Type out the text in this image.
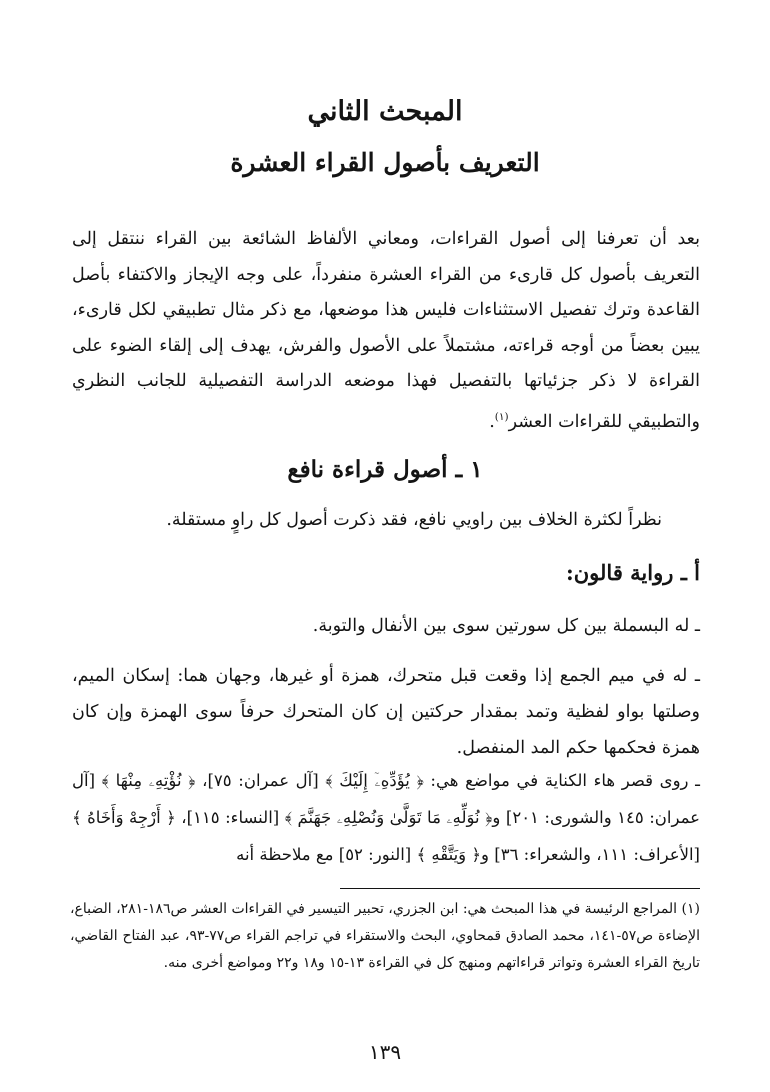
المبحث الثاني
التعريف بأصول القراء العشرة

بعد أن تعرفنا إلى أصول القراءات، ومعاني الألفاظ الشائعة بين القراء ننتقل إلى التعريف بأصول كل قارىء من القراء العشرة منفرداً، على وجه الإيجاز والاكتفاء بأصل القاعدة وترك تفصيل الاستثناءات فليس هذا موضعها، مع ذكر مثال تطبيقي لكل قارىء، يبين بعضاً من أوجه قراءته، مشتملاً على الأصول والفرش، يهدف إلى إلقاء الضوء على القراءة لا ذكر جزئياتها بالتفصيل فهذا موضعه الدراسة التفصيلية للجانب النظري والتطبيقي للقراءات العشر$^{(١)}$.

١ ـ أصول قراءة نافع

نظراً لكثرة الخلاف بين راويي نافع، فقد ذكرت أصول كل راوٍ مستقلة.

أ ـ رواية قالون:

ـ له البسملة بين كل سورتين سوى بين الأنفال والتوبة.

ـ له في ميم الجمع إذا وقعت قبل متحرك، همزة أو غيرها، وجهان هما: إسكان الميم، وصلتها بواو لفظية وتمد بمقدار حركتين إن كان المتحرك حرفاً سوى الهمزة وإن كان همزة فحكمها حكم المد المنفصل.

ـ روى قصر هاء الكناية في مواضع هي: ﴿ يُؤَدِّهِۦٓ إِلَيْكَ ﴾ [آل عمران: ٧٥]، ﴿ نُؤْتِهِۦ مِنْهَا ﴾ [آل عمران: ١٤٥ والشورى: ٢٠١] و﴿ نُوَلِّهِۦ مَا تَوَلَّىٰ وَنُصْلِهِۦ جَهَنَّمَ ﴾ [النساء: ١١٥]، ﴿ أَرْجِهْ وَأَخَاهُ ﴾ [الأعراف: ١١١، والشعراء: ٣٦] و﴿ وَيَتَّقْهِ ﴾ [النور: ٥٢] مع ملاحظة أنه

(١) المراجع الرئيسة في هذا المبحث هي: ابن الجزري، تحبير التيسير في القراءات العشر ص١٨٦-٢٨١، الضباع، الإضاءة ص٥٧-١٤١، محمد الصادق قمحاوي، البحث والاستقراء في تراجم القراء ص٧٧-٩٣، عبد الفتاح القاضي، تاريخ القراء العشرة وتواتر قراءاتهم ومنهج كل في القراءة ١٣-١٥ و١٨ و٢٢ ومواضع أخرى منه.

١٣٩
